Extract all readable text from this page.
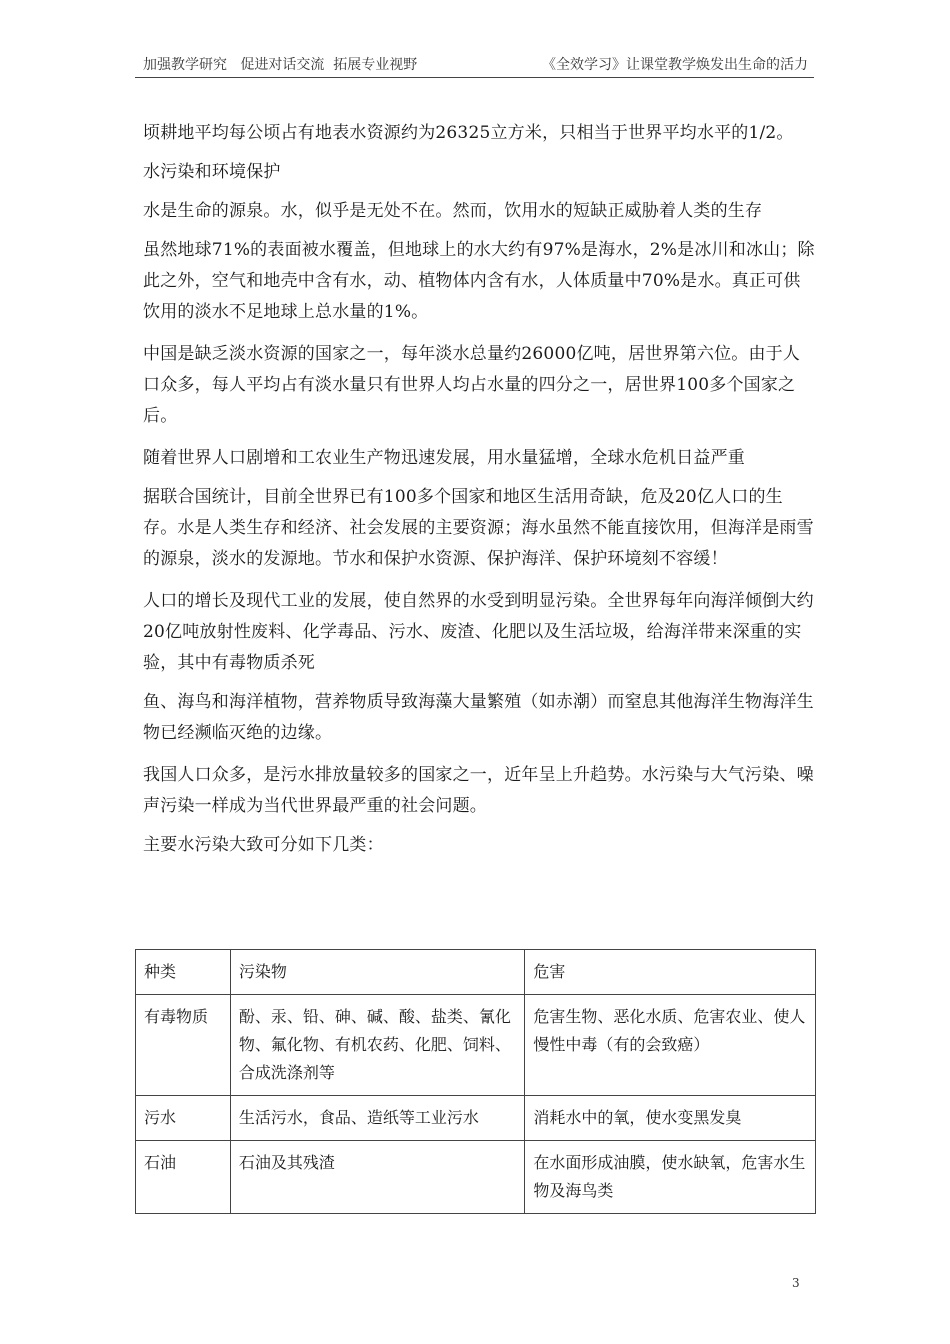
加强教学研究   促进对话交流  拓展专业视野	《全效学习》让课堂教学焕发出生命的活力

顷耕地平均每公顷占有地表水资源约为26325立方米，只相当于世界平均水平的1/2。

水污染和环境保护

水是生命的源泉。水，似乎是无处不在。然而，饮用水的短缺正威胁着人类的生存

虽然地球71%的表面被水覆盖，但地球上的水大约有97%是海水，2%是冰川和冰山；除此之外，空气和地壳中含有水，动、植物体内含有水，人体质量中70%是水。真正可供饮用的淡水不足地球上总水量的1%。

中国是缺乏淡水资源的国家之一，每年淡水总量约26000亿吨，居世界第六位。由于人口众多，每人平均占有淡水量只有世界人均占水量的四分之一，居世界100多个国家之后。

随着世界人口剧增和工农业生产物迅速发展，用水量猛增，全球水危机日益严重

据联合国统计，目前全世界已有100多个国家和地区生活用奇缺，危及20亿人口的生存。水是人类生存和经济、社会发展的主要资源；海水虽然不能直接饮用，但海洋是雨雪的源泉，淡水的发源地。节水和保护水资源、保护海洋、保护环境刻不容缓！

人口的增长及现代工业的发展，使自然界的水受到明显污染。全世界每年向海洋倾倒大约20亿吨放射性废料、化学毒品、污水、废渣、化肥以及生活垃圾，给海洋带来深重的实验，其中有毒物质杀死

鱼、海鸟和海洋植物，营养物质导致海藻大量繁殖（如赤潮）而窒息其他海洋生物海洋生物已经濒临灭绝的边缘。

我国人口众多，是污水排放量较多的国家之一，近年呈上升趋势。水污染与大气污染、噪声污染一样成为当代世界最严重的社会问题。

主要水污染大致可分如下几类：

种类	污染物	危害
有毒物质	酚、汞、铅、砷、碱、酸、盐类、氰化物、氟化物、有机农药、化肥、饲料、合成洗涤剂等	危害生物、恶化水质、危害农业、使人慢性中毒（有的会致癌）
污水	生活污水，食品、造纸等工业污水	消耗水中的氧，使水变黑发臭
石油	石油及其残渣	在水面形成油膜，使水缺氧，危害水生物及海鸟类
3
